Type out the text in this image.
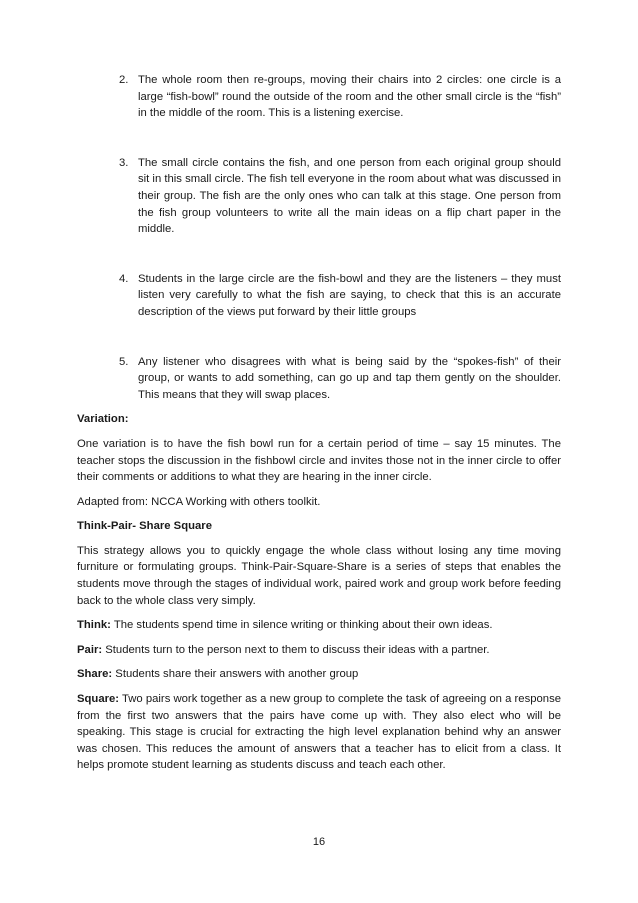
2. The whole room then re-groups, moving their chairs into 2 circles: one circle is a large “fish-bowl” round the outside of the room and the other small circle is the “fish” in the middle of the room. This is a listening exercise.
3. The small circle contains the fish, and one person from each original group should sit in this small circle. The fish tell everyone in the room about what was discussed in their group. The fish are the only ones who can talk at this stage. One person from the fish group volunteers to write all the main ideas on a flip chart paper in the middle.
4. Students in the large circle are the fish-bowl and they are the listeners – they must listen very carefully to what the fish are saying, to check that this is an accurate description of the views put forward by their little groups
5. Any listener who disagrees with what is being said by the “spokes-fish” of their group, or wants to add something, can go up and tap them gently on the shoulder. This means that they will swap places.

Variation:

One variation is to have the fish bowl run for a certain period of time – say 15 minutes. The teacher stops the discussion in the fishbowl circle and invites those not in the inner circle to offer their comments or additions to what they are hearing in the inner circle.

Adapted from: NCCA Working with others toolkit.

Think-Pair- Share Square

This strategy allows you to quickly engage the whole class without losing any time moving furniture or formulating groups. Think-Pair-Square-Share is a series of steps that enables the students move through the stages of individual work, paired work and group work before feeding back to the whole class very simply.

Think: The students spend time in silence writing or thinking about their own ideas.

Pair: Students turn to the person next to them to discuss their ideas with a partner.

Share: Students share their answers with another group

Square: Two pairs work together as a new group to complete the task of agreeing on a response from the first two answers that the pairs have come up with. They also elect who will be speaking. This stage is crucial for extracting the high level explanation behind why an answer was chosen. This reduces the amount of answers that a teacher has to elicit from a class. It helps promote student learning as students discuss and teach each other.

16
